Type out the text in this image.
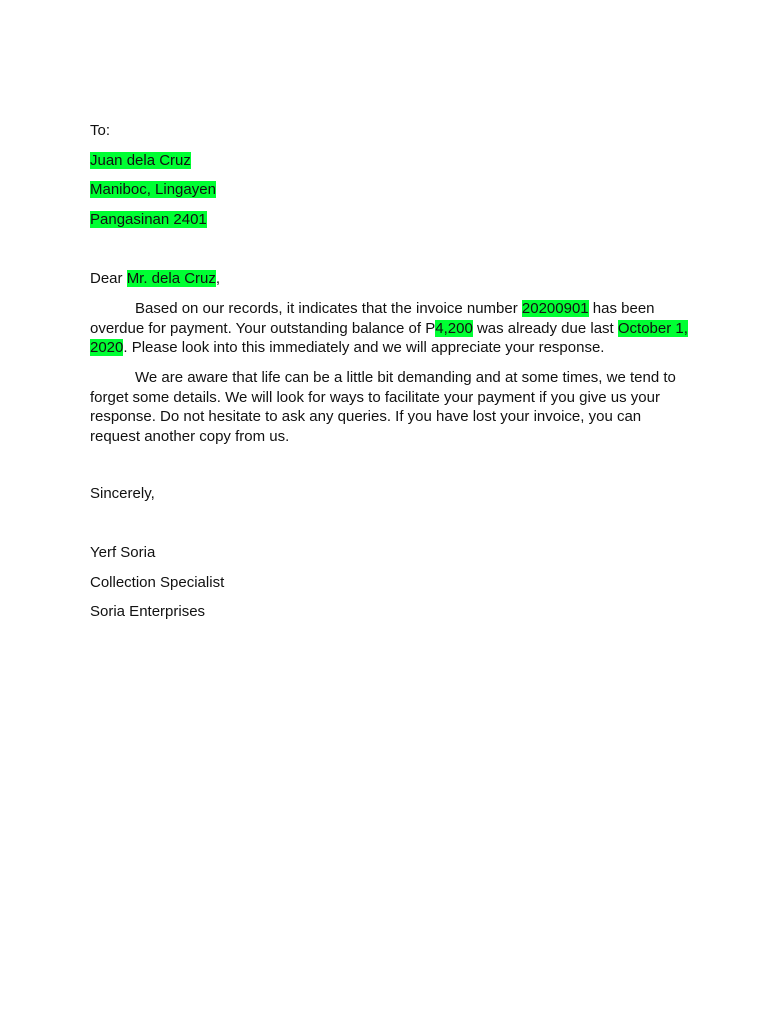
To:
Juan dela Cruz
Maniboc, Lingayen
Pangasinan 2401
Dear Mr. dela Cruz,

Based on our records, it indicates that the invoice number 20200901 has been overdue for payment. Your outstanding balance of P4,200 was already due last October 1, 2020. Please look into this immediately and we will appreciate your response.

We are aware that life can be a little bit demanding and at some times, we tend to forget some details. We will look for ways to facilitate your payment if you give us your response. Do not hesitate to ask any queries. If you have lost your invoice, you can request another copy from us.

Sincerely,
Yerf Soria
Collection Specialist
Soria Enterprises
